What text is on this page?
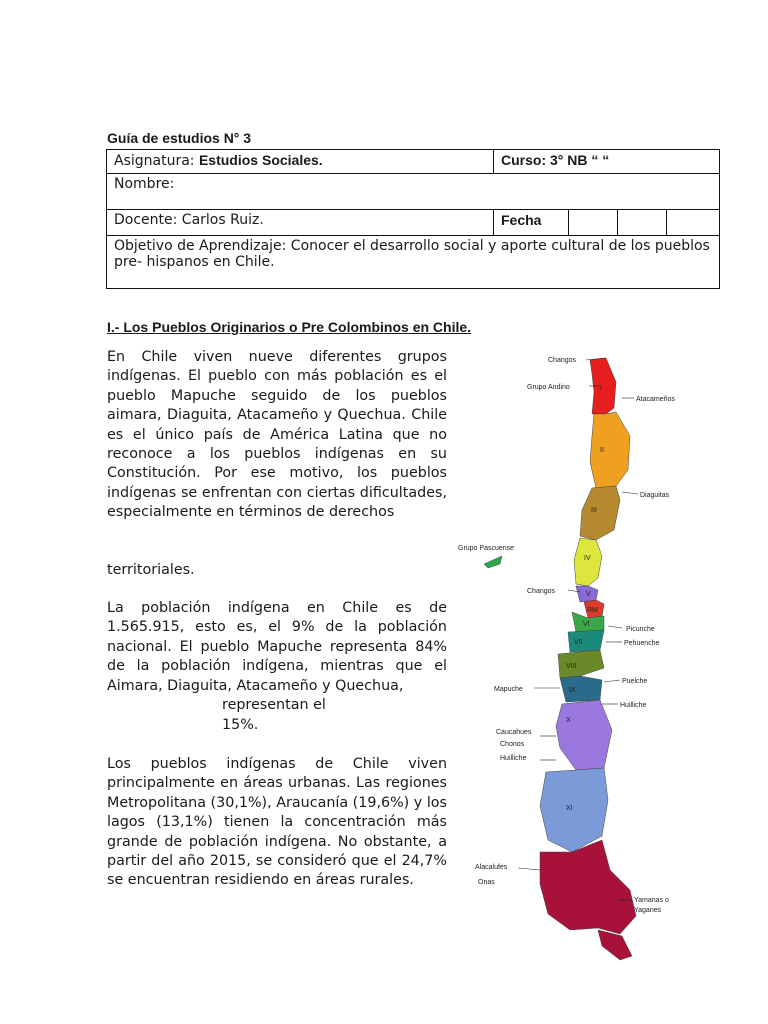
Guía de estudios N° 3
Asignatura: Estudios Sociales.	Curso: 3° NB “ “			
Nombre:				
Docente: Carlos Ruiz.	Fecha			
Objetivo de Aprendizaje: Conocer el desarrollo social y aporte cultural de los pueblos pre- hispanos en Chile.				
I.- Los Pueblos Originarios o Pre Colombinos en Chile.
En Chile viven nueve diferentes grupos indígenas. El pueblo con más población es el pueblo Mapuche seguido de los pueblos aimara, Diaguita, Atacameño y Quechua. Chile es el único país de América Latina que no reconoce a los pueblos indígenas en su Constitución. Por ese motivo, los pueblos indígenas se enfrentan con ciertas dificultades, especialmente en términos de derechos
territoriales.
La población indígena en Chile es de 1.565.915, esto es, el 9% de la población nacional. El pueblo Mapuche representa 84% de la población indígena, mientras que el Aimara, Diaguita, Atacameño y Quechua,
representan el
15%.
Los pueblos indígenas de Chile viven principalmente en áreas urbanas. Las regiones Metropolitana (30,1%), Araucanía (19,6%) y los lagos (13,1%) tienen la concentración más grande de población indígena. No obstante, a partir del año 2015, se consideró que el 24,7% se encuentran residiendo en áreas rurales.
I
II
III
IV
V
RM
VI
VII
VIII
IX
X
XI
Changos
Grupo Andino
Atacameños
Diaguitas
Grupo Pascuense
Changos
Picunche
Pehuenche
Mapuche
Puelche
Huilliche
Caucahues
Chonos
Huilliche
Alacalufes
Onas
Yamanas o
Yaganes
